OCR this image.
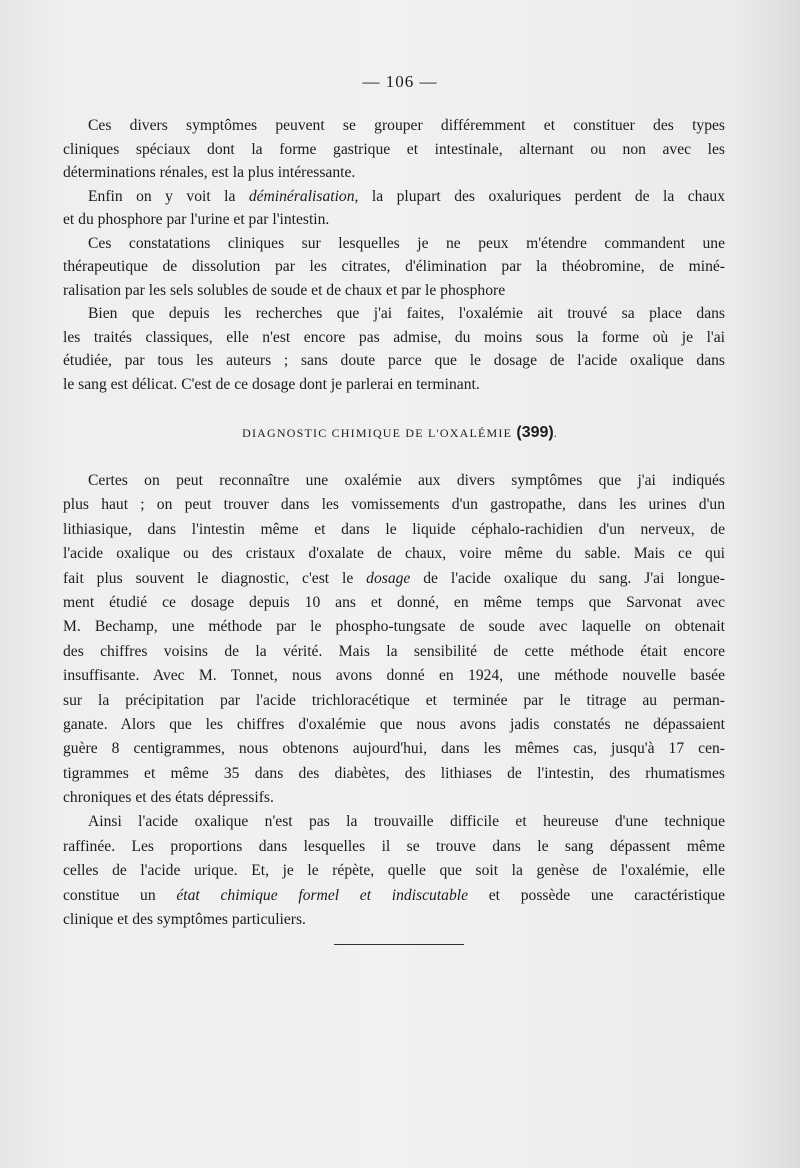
— 106 —
Ces divers symptômes peuvent se grouper différemment et constituer des types
cliniques spéciaux dont la forme gastrique et intestinale, alternant ou non avec les
déterminations rénales, est la plus intéressante.
Enfin on y voit la déminéralisation, la plupart des oxaluriques perdent de la chaux
et du phosphore par l'urine et par l'intestin.
Ces constatations cliniques sur lesquelles je ne peux m'étendre commandent une
thérapeutique de dissolution par les citrates, d'élimination par la théobromine, de miné-
ralisation par les sels solubles de soude et de chaux et par le phosphore
Bien que depuis les recherches que j'ai faites, l'oxalémie ait trouvé sa place dans
les traités classiques, elle n'est encore pas admise, du moins sous la forme où je l'ai
étudiée, par tous les auteurs ; sans doute parce que le dosage de l'acide oxalique dans
le sang est délicat. C'est de ce dosage dont je parlerai en terminant.
DIAGNOSTIC CHIMIQUE DE L'OXALÉMIE (399).
Certes on peut reconnaître une oxalémie aux divers symptômes que j'ai indiqués
plus haut ; on peut trouver dans les vomissements d'un gastropathe, dans les urines d'un
lithiasique, dans l'intestin même et dans le liquide céphalo-rachidien d'un nerveux, de
l'acide oxalique ou des cristaux d'oxalate de chaux, voire même du sable. Mais ce qui
fait plus souvent le diagnostic, c'est le dosage de l'acide oxalique du sang. J'ai longue-
ment étudié ce dosage depuis 10 ans et donné, en même temps que Sarvonat avec
M. Bechamp, une méthode par le phospho-tungsate de soude avec laquelle on obtenait
des chiffres voisins de la vérité. Mais la sensibilité de cette méthode était encore
insuffisante. Avec M. Tonnet, nous avons donné en 1924, une méthode nouvelle basée
sur la précipitation par l'acide trichloracétique et terminée par le titrage au perman-
ganate. Alors que les chiffres d'oxalémie que nous avons jadis constatés ne dépassaient
guère 8 centigrammes, nous obtenons aujourd'hui, dans les mêmes cas, jusqu'à 17 cen-
tigrammes et même 35 dans des diabètes, des lithiases de l'intestin, des rhumatismes
chroniques et des états dépressifs.
Ainsi l'acide oxalique n'est pas la trouvaille difficile et heureuse d'une technique
raffinée. Les proportions dans lesquelles il se trouve dans le sang dépassent même
celles de l'acide urique. Et, je le répète, quelle que soit la genèse de l'oxalémie, elle
constitue un état chimique formel et indiscutable et possède une caractéristique
clinique et des symptômes particuliers.
